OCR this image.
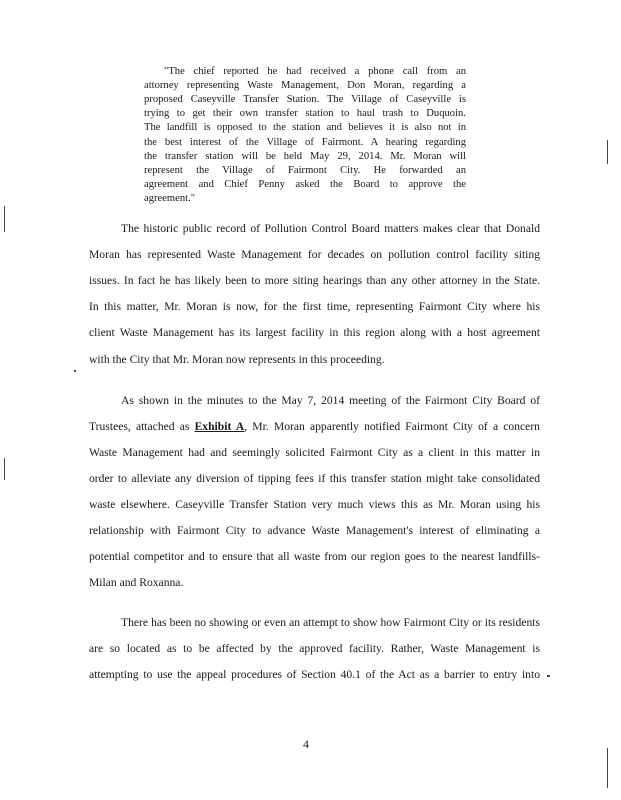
"The chief reported he had received a phone call from an
attorney representing Waste Management, Don Moran, regarding a
proposed Caseyville Transfer Station. The Village of Caseyville is
trying to get their own transfer station to haul trash to Duquoin.
The landfill is opposed to the station and believes it is also not in
the best interest of the Village of Fairmont. A hearing regarding
the transfer station will be held May 29, 2014. Mr. Moran will
represent the Village of Fairmont City. He forwarded an
agreement and Chief Penny asked the Board to approve the
agreement."
The historic public record of Pollution Control Board matters makes clear that Donald
Moran has represented Waste Management for decades on pollution control facility siting
issues. In fact he has likely been to more siting hearings than any other attorney in the State.
In this matter, Mr. Moran is now, for the first time, representing Fairmont City where his
client Waste Management has its largest facility in this region along with a host agreement
with the City that Mr. Moran now represents in this proceeding.
As shown in the minutes to the May 7, 2014 meeting of the Fairmont City Board of
Trustees, attached as Exhibit A, Mr. Moran apparently notified Fairmont City of a concern
Waste Management had and seemingly solicited Fairmont City as a client in this matter in
order to alleviate any diversion of tipping fees if this transfer station might take consolidated
waste elsewhere. Caseyville Transfer Station very much views this as Mr. Moran using his
relationship with Fairmont City to advance Waste Management's interest of eliminating a
potential competitor and to ensure that all waste from our region goes to the nearest landfills-
Milan and Roxanna.
There has been no showing or even an attempt to show how Fairmont City or its residents
are so located as to be affected by the approved facility. Rather, Waste Management is
attempting to use the appeal procedures of Section 40.1 of the Act as a barrier to entry into
4
